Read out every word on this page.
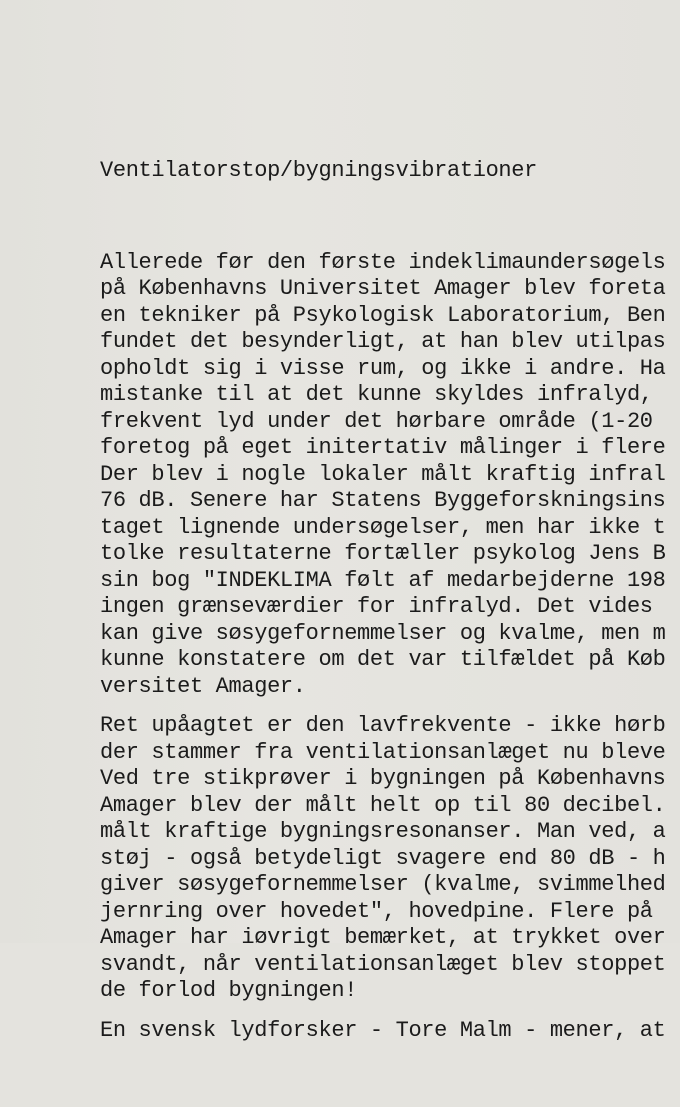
Ventilatorstop/bygningsvibrationer

Allerede før den første indeklimaundersøgels
på Københavns Universitet Amager blev foreta
en tekniker på Psykologisk Laboratorium, Ben
fundet det besynderligt, at han blev utilpas
opholdt sig i visse rum, og ikke i andre. Ha
mistanke til at det kunne skyldes infralyd,
frekvent lyd under det hørbare område (1-20
foretog på eget initertativ målinger i flere
Der blev i nogle lokaler målt kraftig infral
76 dB. Senere har Statens Byggeforskningsins
taget lignende undersøgelser, men har ikke t
tolke resultaterne fortæller psykolog Jens B
sin bog "INDEKLIMA følt af medarbejderne 198
ingen grænseværdier for infralyd. Det vides
kan give søsygefornemmelser og kvalme, men m
kunne konstatere om det var tilfældet på Køb
versitet Amager.
Ret upåagtet er den lavfrekvente - ikke hørb
der stammer fra ventilationsanlæget nu bleve
Ved tre stikprøver i bygningen på Københavns
Amager blev der målt helt op til 80 decibel.
målt kraftige bygningsresonanser. Man ved, a
støj - også betydeligt svagere end 80 dB - h
giver søsygefornemmelser (kvalme, svimmelhed
jernring over hovedet", hovedpine. Flere på
Amager har iøvrigt bemærket, at trykket over
svandt, når ventilationsanlæget blev stoppet
de forlod bygningen!
En svensk lydforsker - Tore Malm - mener, at
